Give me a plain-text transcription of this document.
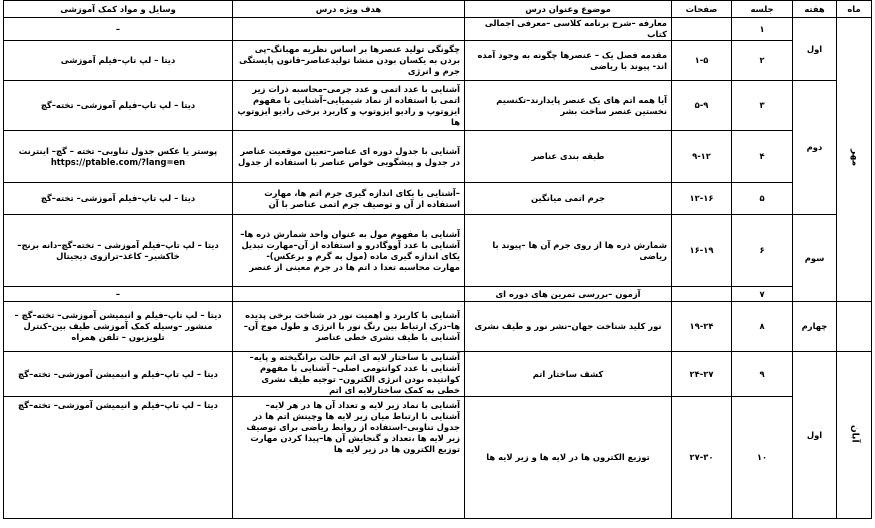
ماه	هفته	جلسه	صفحات	موضوع وعنوان درس	هدف ویژه درس	وسایل و مواد کمک آموزشی
مهر	اول	۱		معارفه –شرح برنامه کلاسی –معرفی اجمالی کتاب		–
		۲	۱-۵	مقدمه فصل یک – عنصرها چگونه به وجود آمده اند- پیوند با ریاضی	چگونگی تولید عنصرها بر اساس نظریه مهبانگ–پی بردن به یکسان بودن منشا تولیدعناصر–قانون پایستگی جرم و انرژی	دیتا – لپ تاپ–فیلم آموزشی
	دوم	۳	۵-۹	آیا همه اتم های یک عنصر پایدارند–تکنسیم نخستین عنصر ساخت بشر	آشنایی با عدد اتمی و عدد جرمی–محاسبه ذرات زیر اتمی با استفاده از نماد شیمیایی–آشنایی با مفهوم ایزوتوپ و رادیو ایزوتوپ و کاربرد برخی رادیو ایزوتوپ ها	دیتا – لپ تاپ–فیلم آموزشی– تخته–گچ
		۴	۹-۱۲	طبقه بندی عناصر	آشنایی با جدول دوره ای عناصر–تعیین موقعیت عناصر در جدول و پیشگویی خواص عناصر با استفاده از جدول	پوستر یا عکس جدول تناوبی– تخته – گچ– اینترنت
https://ptable.com/?lang=en
		۵	۱۲-۱۶	جرم اتمی میانگین	–آشنایی با یکای اندازه گیری جرم اتم ها، مهارت استفاده از آن و توصیف جرم اتمی عناصر با آن	دیتا – لپ تاپ–فیلم آموزشی– تخته–گچ
	سوم	۶	۱۶-۱۹	شمارش ذره ها از روی جرم آن ها –پیوند با ریاضی	آشنایی با مفهوم مول به عنوان واحد شمارش ذره ها–آشنایی با عدد آووگادرو و استفاده از آن–مهارت تبدیل یکای اندازه گیری ماده (مول به گرم و برعکس)- مهارت محاسبه تعدا د اتم ها در جرم معینی از عنصر	دیتا – لپ تاپ–فیلم آموزشی – تخته–گچ–دانه برنج–خاکشیر– کاغذ–ترازوی دیجیتال
		۷		آزمون –بررسی تمرین های دوره ای		–
	چهارم	۸	۱۹-۲۴	نور کلید شناخت جهان–نشر نور و طیف نشری	آشنایی با کاربرد و اهمیت نور در شناخت برخی پدیده ها–درک ارتباط بین رنگ نور با انرژی و طول موج آن–آشنایی با طیف نشری خطی عناصر	دیتا – لپ تاپ–فیلم و انیمیشن آموزشی– تخته–گچ –منشور –وسیله کمک آموزشی طیف بین–کنترل تلویزیون – تلفن همراه
آبان	اول	۹	۲۴-۲۷	کشف ساختار اتم	آشنایی با ساختار لایه ای اتم حالت برانگیخته و پایه–آشنایی با عدد کوانتومی اصلی– آشنایی با مفهوم کوانتیده بودن انرژی الکترون– توجیه طیف نشری خطی به کمک ساختارلایه ای اتم	دیتا – لپ تاپ–فیلم و انیمیشن آموزشی– تخته–گچ
		۱۰	۲۷-۳۰	توزیع الکترون ها در لایه ها و زیر لایه ها	آشنایی با نماد زیر لایه و تعداد آن ها در هر لایه–آشنایی با ارتباط میان زیر لایه ها وچینش اتم ها در جدول تناوبی–استفاده از روابط ریاضی برای توصیف زیر لایه ها ،تعداد و گنجایش آن ها–پیدا کردن مهارت توزیع الکترون ها در زیر لایه ها	دیتا – لپ تاپ–فیلم و انیمیشن آموزشی– تخته–گچ
